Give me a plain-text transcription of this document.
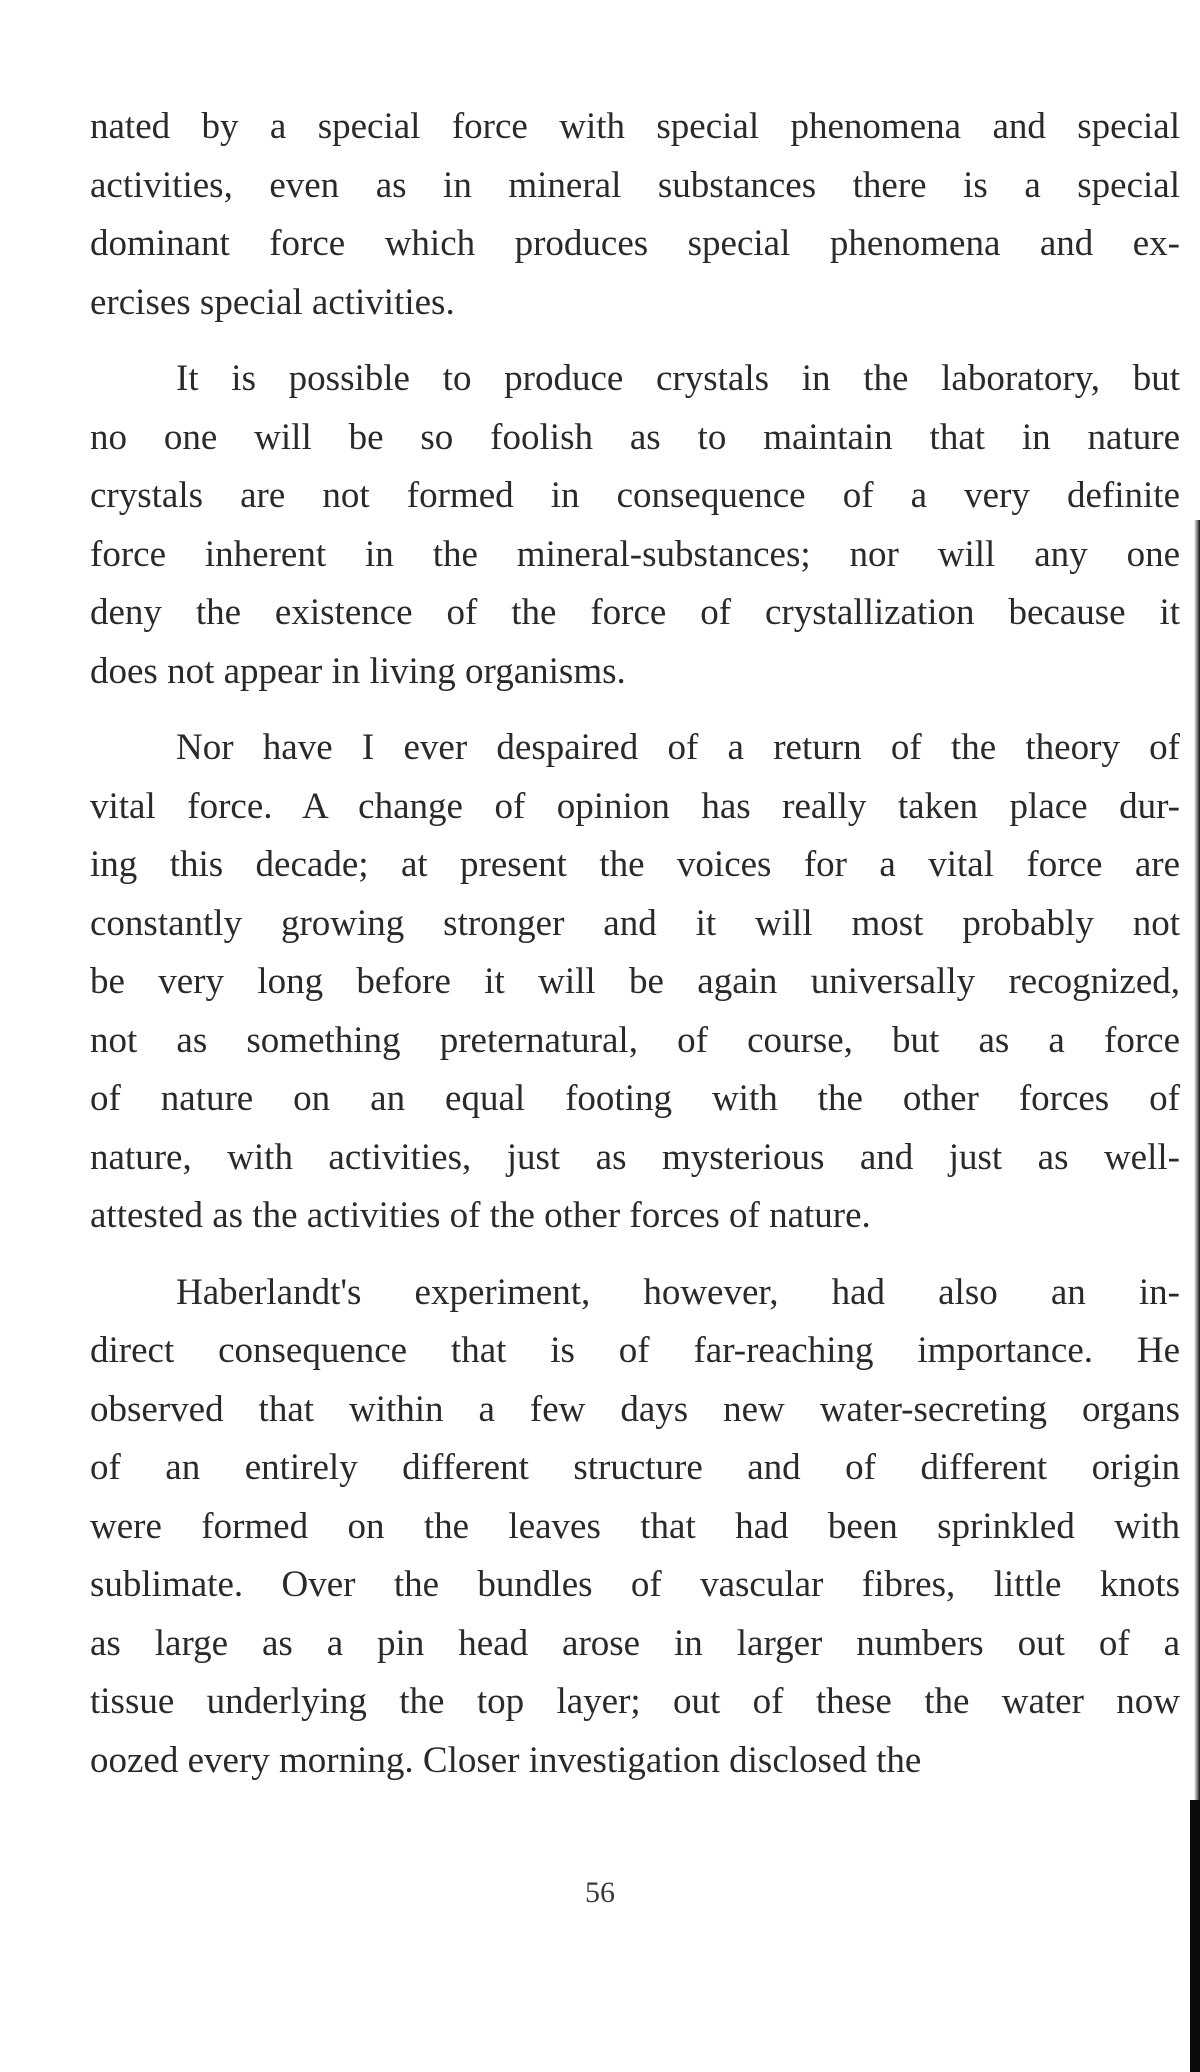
nated by a special force with special phenomena and special
activities, even as in mineral substances there is a special
dominant force which produces special phenomena and ex-
ercises special activities.

It is possible to produce crystals in the laboratory, but
no one will be so foolish as to maintain that in nature
crystals are not formed in consequence of a very definite
force inherent in the mineral-substances; nor will any one
deny the existence of the force of crystallization because it
does not appear in living organisms.

Nor have I ever despaired of a return of the theory of
vital force. A change of opinion has really taken place dur-
ing this decade; at present the voices for a vital force are
constantly growing stronger and it will most probably not
be very long before it will be again universally recognized,
not as something preternatural, of course, but as a force
of nature on an equal footing with the other forces of
nature, with activities, just as mysterious and just as well-
attested as the activities of the other forces of nature.

Haberlandt's experiment, however, had also an in-
direct consequence that is of far-reaching importance. He
observed that within a few days new water-secreting organs
of an entirely different structure and of different origin
were formed on the leaves that had been sprinkled with
sublimate. Over the bundles of vascular fibres, little knots
as large as a pin head arose in larger numbers out of a
tissue underlying the top layer; out of these the water now
oozed every morning. Closer investigation disclosed the

56
